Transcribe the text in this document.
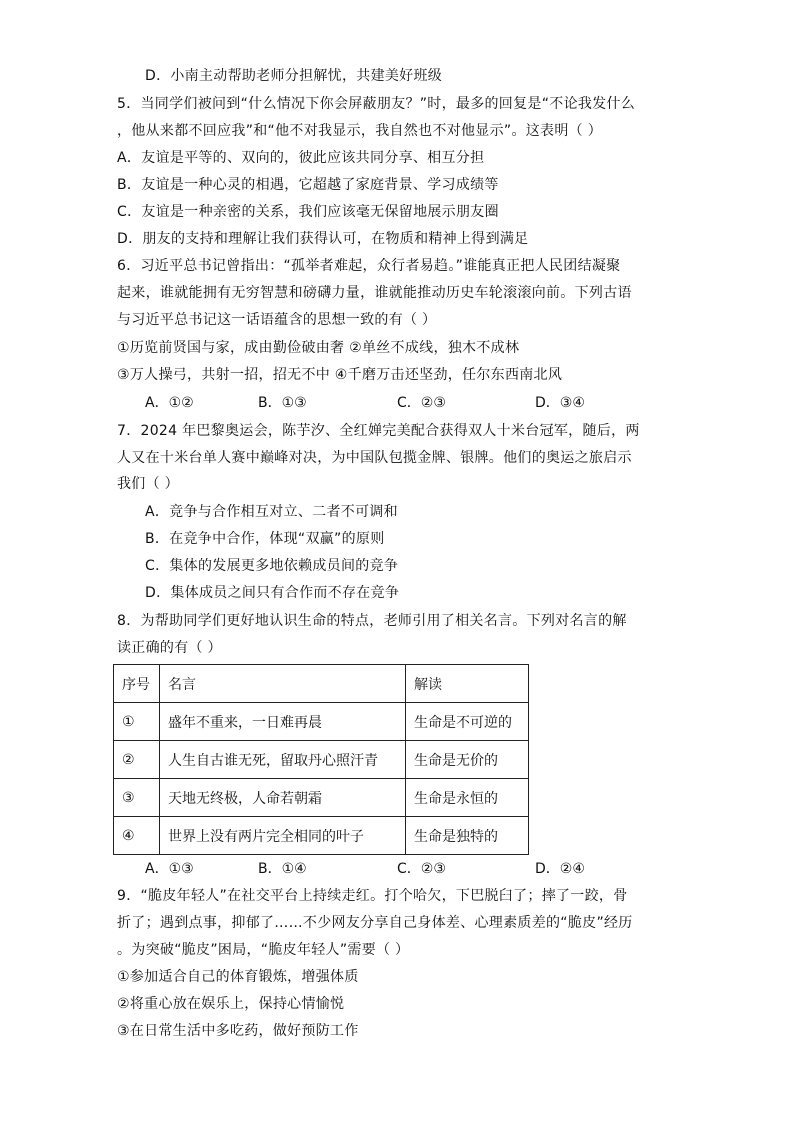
D．小南主动帮助老师分担解忧，共建美好班级
5．当同学们被问到“什么情况下你会屏蔽朋友？”时，最多的回复是“不论我发什么
，他从来都不回应我”和“他不对我显示，我自然也不对他显示”。这表明（ ）
A．友谊是平等的、双向的，彼此应该共同分享、相互分担
B．友谊是一种心灵的相遇，它超越了家庭背景、学习成绩等
C．友谊是一种亲密的关系，我们应该毫无保留地展示朋友圈
D．朋友的支持和理解让我们获得认可，在物质和精神上得到满足
6．习近平总书记曾指出：“孤举者难起，众行者易趋。”谁能真正把人民团结凝聚
起来，谁就能拥有无穷智慧和磅礴力量，谁就能推动历史车轮滚滚向前。下列古语
与习近平总书记这一话语蕴含的思想一致的有（ ）
①历览前贤国与家，成由勤俭破由奢 ②单丝不成线，独木不成林
③万人操弓，共射一招，招无不中 ④千磨万击还坚劲，任尔东西南北风
A．①②	B．①③	C．②③	D．③④
7．2024 年巴黎奥运会，陈芋汐、全红婵完美配合获得双人十米台冠军，随后，两
人又在十米台单人赛中巅峰对决，为中国队包揽金牌、银牌。他们的奥运之旅启示
我们（ ）
A．竞争与合作相互对立、二者不可调和
B．在竞争中合作，体现“双赢”的原则
C．集体的发展更多地依赖成员间的竞争
D．集体成员之间只有合作而不存在竞争
8．为帮助同学们更好地认识生命的特点，老师引用了相关名言。下列对名言的解
读正确的有（ ）
序号	名言	解读
①	盛年不重来，一日难再晨	生命是不可逆的
②	人生自古谁无死，留取丹心照汗青	生命是无价的
③	天地无终极，人命若朝霜	生命是永恒的
④	世界上没有两片完全相同的叶子	生命是独特的
A．①③	B．①④	C．②③	D．②④
9．“脆皮年轻人”在社交平台上持续走红。打个哈欠，下巴脱臼了；摔了一跤，骨
折了；遇到点事，抑郁了……不少网友分享自己身体差、心理素质差的“脆皮”经历
。为突破“脆皮”困局，“脆皮年轻人”需要（ ）
①参加适合自己的体育锻炼，增强体质
②将重心放在娱乐上，保持心情愉悦
③在日常生活中多吃药，做好预防工作
